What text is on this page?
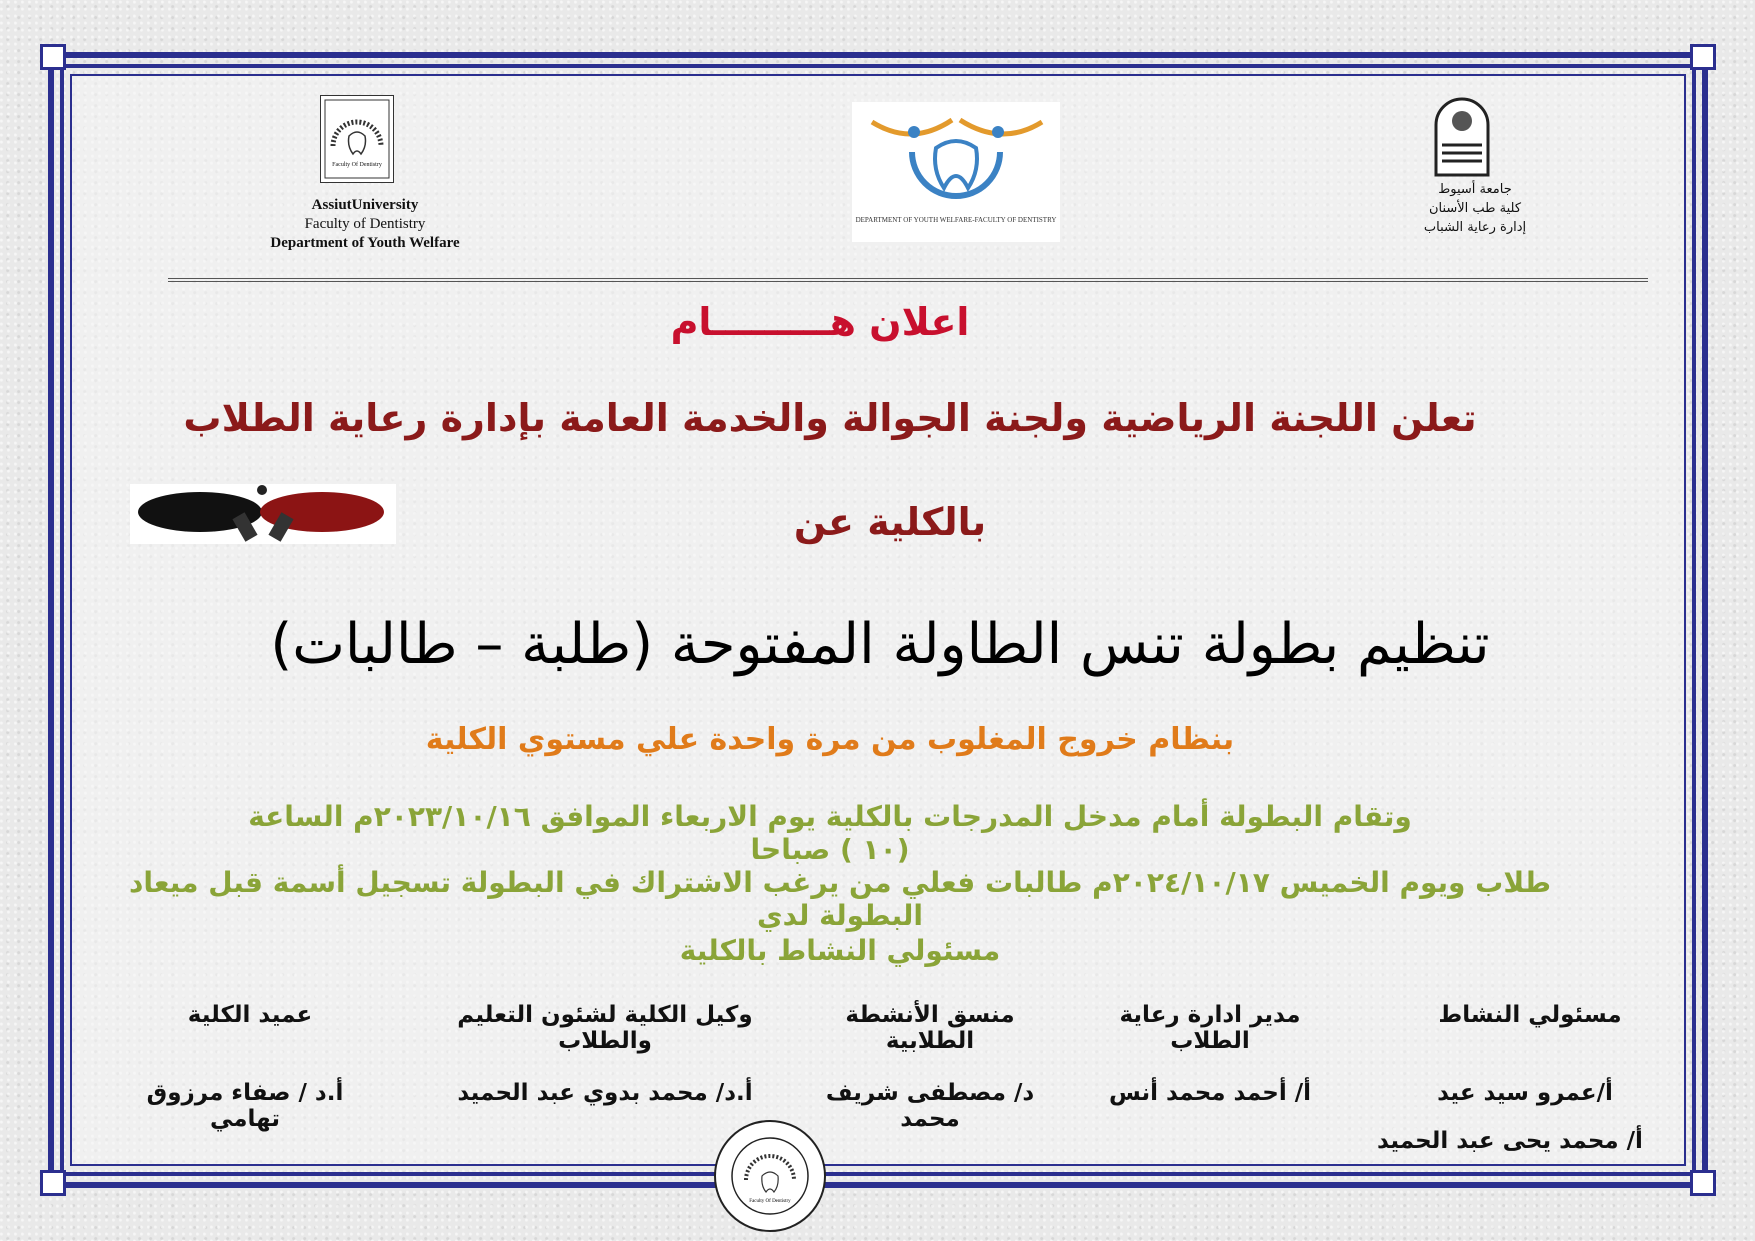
Faculty Of Dentistry
AssiutUniversity
Faculty of Dentistry
Department of Youth Welfare
DEPARTMENT OF YOUTH WELFARE-FACULTY OF DENTISTRY
جامعة أسيوط
كلية طب الأسنان
إدارة رعاية الشباب
اعلان هـــــــــام
تعلن اللجنة الرياضية ولجنة الجوالة والخدمة العامة بإدارة رعاية الطلاب
بالكلية عن
تنظيم بطولة تنس الطاولة المفتوحة (طلبة – طالبات)
بنظام خروج المغلوب من مرة واحدة علي مستوي الكلية
وتقام البطولة أمام مدخل المدرجات بالكلية يوم الاربعاء الموافق ٢٠٢٣/١٠/١٦م الساعة (١٠ ) صباحا
طلاب ويوم الخميس ٢٠٢٤/١٠/١٧م طالبات فعلي من يرغب الاشتراك في البطولة تسجيل أسمة قبل ميعاد البطولة لدي
مسئولي النشاط بالكلية
مسئولي النشاط
أ/عمرو سيد عيد
أ/ محمد يحى عبد الحميد
مدير ادارة رعاية الطلاب
أ/ أحمد محمد أنس
منسق الأنشطة الطلابية
د/ مصطفى شريف محمد
وكيل الكلية لشئون التعليم والطلاب
أ.د/ محمد بدوي عبد الحميد
عميد الكلية
أ.د / صفاء مرزوق تهامي
Faculty Of Dentistry
